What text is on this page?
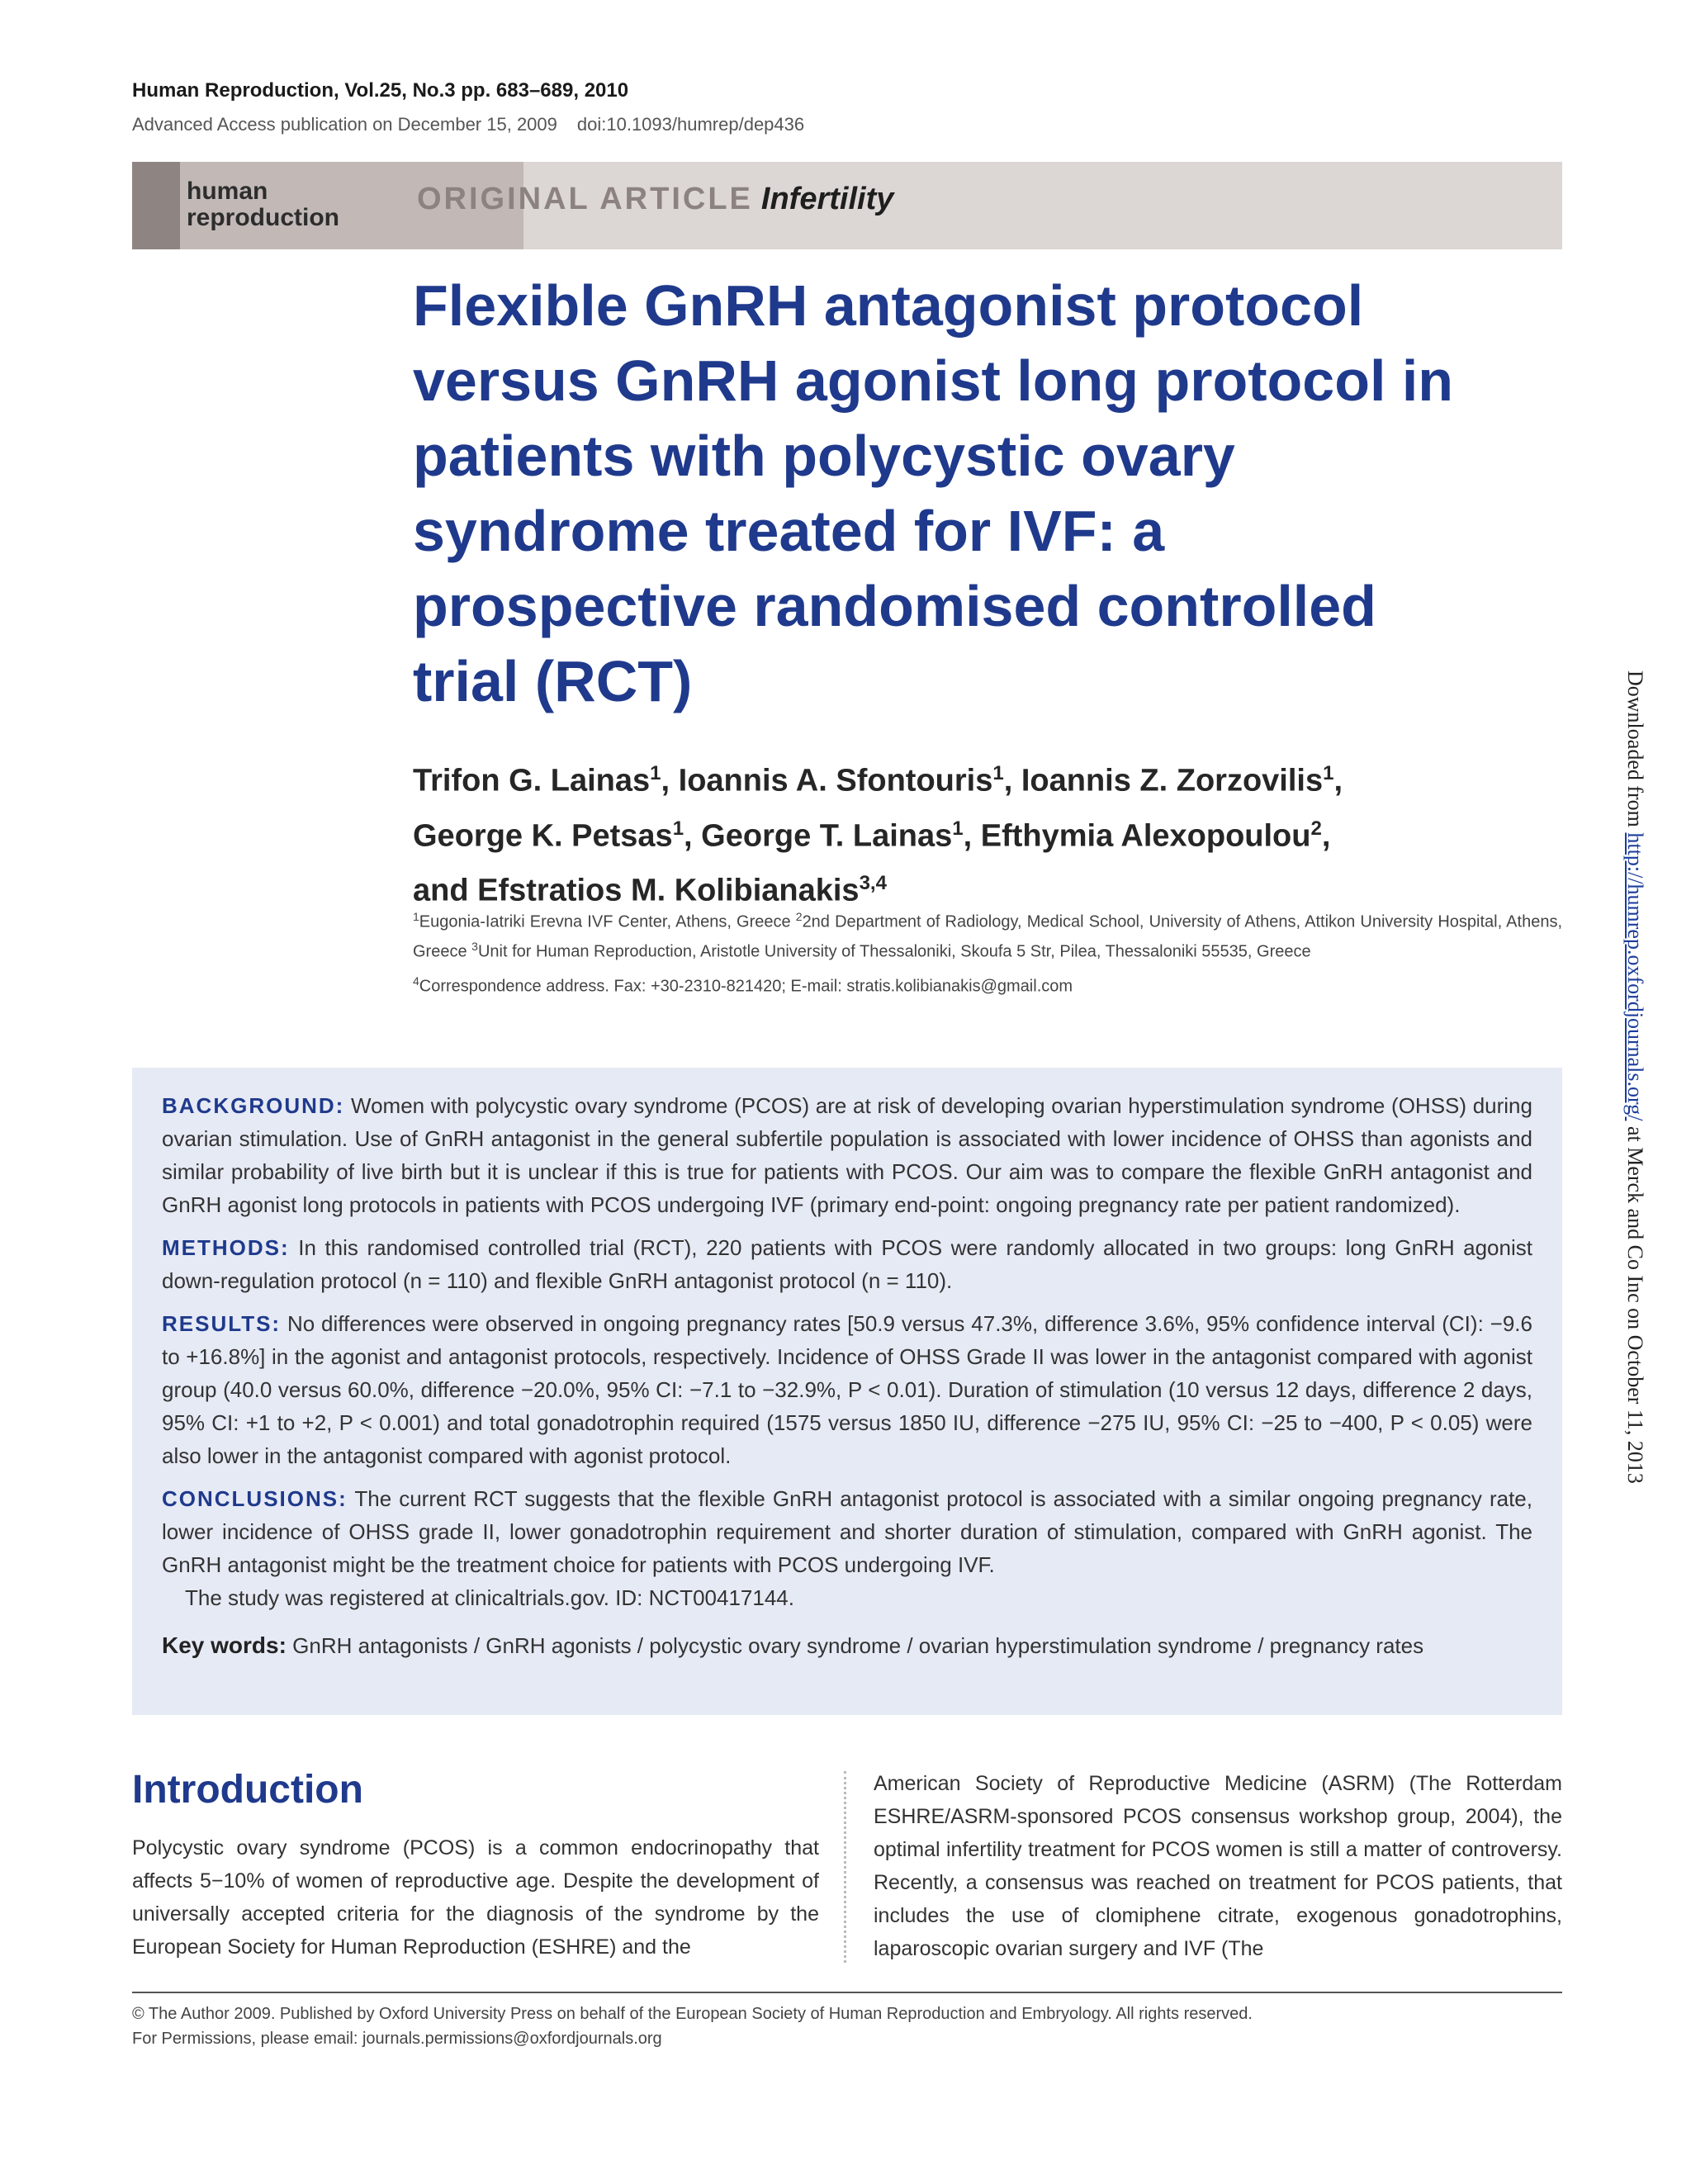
Human Reproduction, Vol.25, No.3 pp. 683–689, 2010
Advanced Access publication on December 15, 2009 doi:10.1093/humrep/dep436
human
reproduction
ORIGINAL ARTICLE Infertility
Flexible GnRH antagonist protocol versus GnRH agonist long protocol in patients with polycystic ovary syndrome treated for IVF: a prospective randomised controlled trial (RCT)
Trifon G. Lainas$^1$, Ioannis A. Sfontouris$^1$, Ioannis Z. Zorzovilis$^1$,
George K. Petsas$^1$, George T. Lainas$^1$, Efthymia Alexopoulou$^2$,
and Efstratios M. Kolibianakis$^{3,4}$
$^1$Eugonia-Iatriki Erevna IVF Center, Athens, Greece $^2$2nd Department of Radiology, Medical School, University of Athens, Attikon University Hospital, Athens, Greece $^3$Unit for Human Reproduction, Aristotle University of Thessaloniki, Skoufa 5 Str, Pilea, Thessaloniki 55535, Greece
$^4$Correspondence address. Fax: +30-2310-821420; E-mail: stratis.kolibianakis@gmail.com
Downloaded from http://humrep.oxfordjournals.org/ at Merck and Co Inc on October 11, 2013

BACKGROUND: Women with polycystic ovary syndrome (PCOS) are at risk of developing ovarian hyperstimulation syndrome (OHSS) during ovarian stimulation. Use of GnRH antagonist in the general subfertile population is associated with lower incidence of OHSS than agonists and similar probability of live birth but it is unclear if this is true for patients with PCOS. Our aim was to compare the flexible GnRH antagonist and GnRH agonist long protocols in patients with PCOS undergoing IVF (primary end-point: ongoing pregnancy rate per patient randomized).

METHODS: In this randomised controlled trial (RCT), 220 patients with PCOS were randomly allocated in two groups: long GnRH agonist down-regulation protocol (n = 110) and flexible GnRH antagonist protocol (n = 110).

RESULTS: No differences were observed in ongoing pregnancy rates [50.9 versus 47.3%, difference 3.6%, 95% confidence interval (CI): −9.6 to +16.8%] in the agonist and antagonist protocols, respectively. Incidence of OHSS Grade II was lower in the antagonist compared with agonist group (40.0 versus 60.0%, difference −20.0%, 95% CI: −7.1 to −32.9%, P < 0.01). Duration of stimulation (10 versus 12 days, difference 2 days, 95% CI: +1 to +2, P < 0.001) and total gonadotrophin required (1575 versus 1850 IU, difference −275 IU, 95% CI: −25 to −400, P < 0.05) were also lower in the antagonist compared with agonist protocol.

CONCLUSIONS: The current RCT suggests that the flexible GnRH antagonist protocol is associated with a similar ongoing pregnancy rate, lower incidence of OHSS grade II, lower gonadotrophin requirement and shorter duration of stimulation, compared with GnRH agonist. The GnRH antagonist might be the treatment choice for patients with PCOS undergoing IVF.

The study was registered at clinicaltrials.gov. ID: NCT00417144.

Key words: GnRH antagonists / GnRH agonists / polycystic ovary syndrome / ovarian hyperstimulation syndrome / pregnancy rates

Introduction
Polycystic ovary syndrome (PCOS) is a common endocrinopathy that affects 5−10% of women of reproductive age. Despite the development of universally accepted criteria for the diagnosis of the syndrome by the European Society for Human Reproduction (ESHRE) and the
American Society of Reproductive Medicine (ASRM) (The Rotterdam ESHRE/ASRM-sponsored PCOS consensus workshop group, 2004), the optimal infertility treatment for PCOS women is still a matter of controversy. Recently, a consensus was reached on treatment for PCOS patients, that includes the use of clomiphene citrate, exogenous gonadotrophins, laparoscopic ovarian surgery and IVF (The
© The Author 2009. Published by Oxford University Press on behalf of the European Society of Human Reproduction and Embryology. All rights reserved.
For Permissions, please email: journals.permissions@oxfordjournals.org
